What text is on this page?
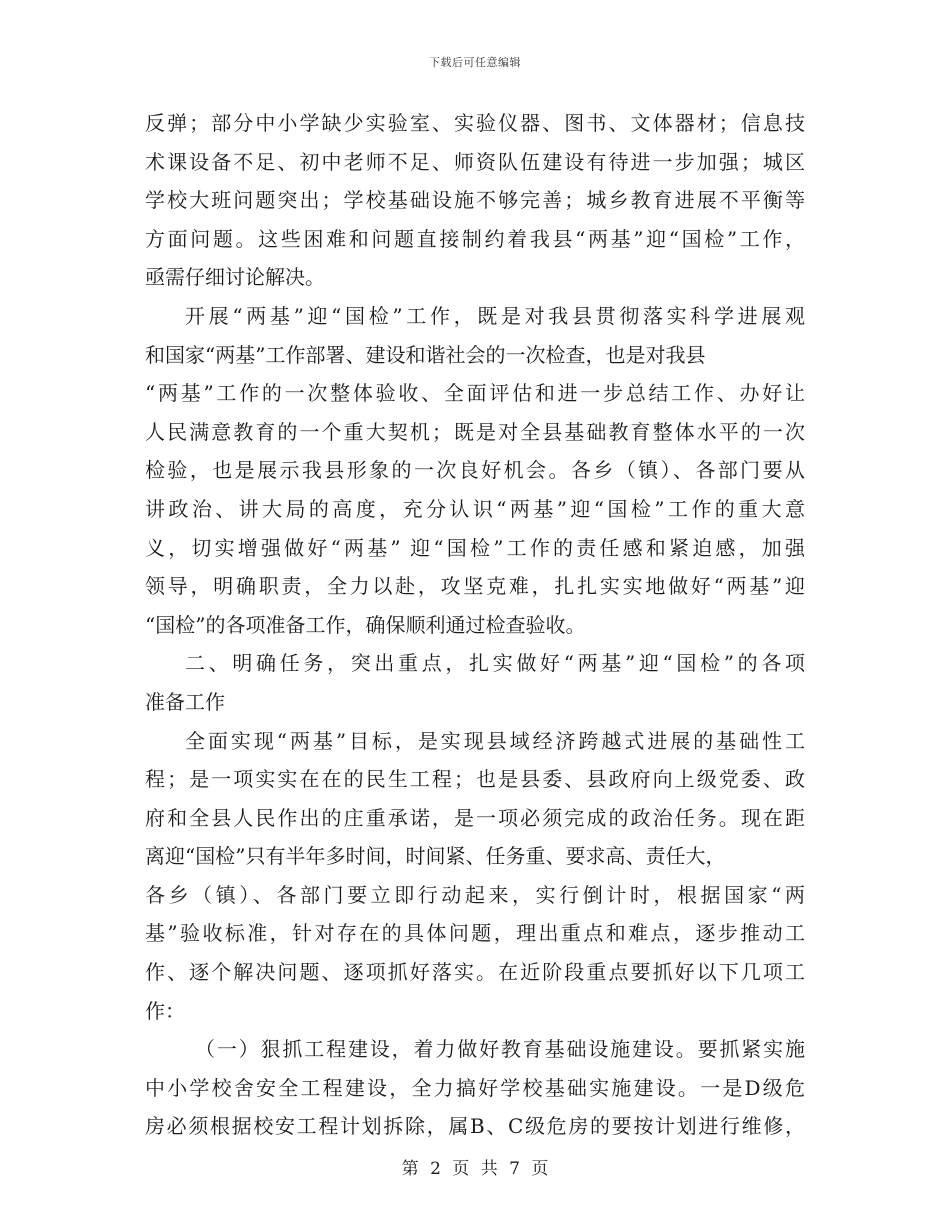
下载后可任意编辑
反弹；部分中小学缺少实验室、实验仪器、图书、文体器材；信息技
术课设备不足、初中老师不足、师资队伍建设有待进一步加强；城区
学校大班问题突出；学校基础设施不够完善；城乡教育进展不平衡等
方面问题。这些困难和问题直接制约着我县“两基”迎“国检”工作，
亟需仔细讨论解决。
开展“两基”迎“国检”工作，既是对我县贯彻落实科学进展观
和国家“两基”工作部署、建设和谐社会的一次检查，也是对我县
“两基”工作的一次整体验收、全面评估和进一步总结工作、办好让
人民满意教育的一个重大契机；既是对全县基础教育整体水平的一次
检验，也是展示我县形象的一次良好机会。各乡（镇）、各部门要从
讲政治、讲大局的高度，充分认识“两基”迎“国检”工作的重大意
义，切实增强做好“两基” 迎“国检”工作的责任感和紧迫感，加强
领导，明确职责，全力以赴，攻坚克难，扎扎实实地做好“两基”迎
“国检”的各项准备工作，确保顺利通过检查验收。
二、明确任务，突出重点，扎实做好“两基”迎“国检”的各项
准备工作
全面实现“两基”目标，是实现县域经济跨越式进展的基础性工
程；是一项实实在在的民生工程；也是县委、县政府向上级党委、政
府和全县人民作出的庄重承诺，是一项必须完成的政治任务。现在距
离迎“国检”只有半年多时间，时间紧、任务重、要求高、责任大，
各乡（镇）、各部门要立即行动起来，实行倒计时，根据国家“两
基”验收标准，针对存在的具体问题，理出重点和难点，逐步推动工
作、逐个解决问题、逐项抓好落实。在近阶段重点要抓好以下几项工
作：
（一）狠抓工程建设，着力做好教育基础设施建设。要抓紧实施
中小学校舍安全工程建设，全力搞好学校基础实施建设。一是D级危
房必须根据校安工程计划拆除，属B、C级危房的要按计划进行维修，
第 2 页 共 7 页
